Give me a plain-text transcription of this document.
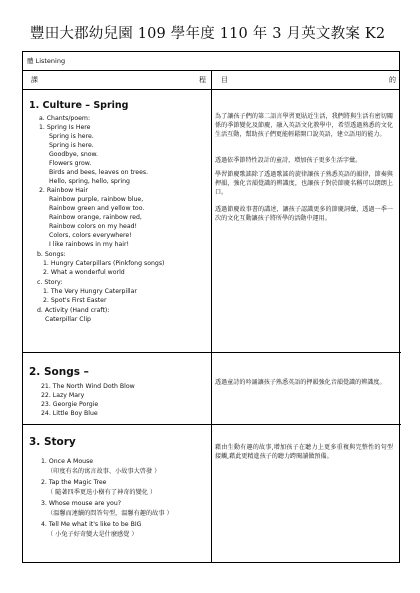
豐田大郡幼兒園 109 學年度 110 年 3 月英文教案 K2
體 Listening
課	程 目	的
1. Culture – Spring
a. Chants/poem:
1. Spring Is Here
Spring is here.
Spring is here.
Goodbye, snow.
Flowers grow.
Birds and bees, leaves on trees.
Hello, spring, hello, spring
2. Rainbow Hair
Rainbow purple, rainbow blue,
Rainbow green and yellow too.
Rainbow orange, rainbow red,
Rainbow colors on my head!
Colors, colors everywhere!
I like rainbows in my hair!
b. Songs:
1. Hungry Caterpillars (Pinkfong songs)
2. What a wonderful world
c. Story:
1. The Very Hungry Caterpillar
2. Spot's First Easter
d. Activity (Hand craft):
Caterpillar Clip
為了讓孩子們的第二語言學習更貼近生活，我們將與生活有密切關係的季節變化及節慶，融入英語文化教學中，希望透過熟悉的文化生活互動，幫助孩子們更能輕鬆開口說英語，建立語用的能力。
透過依季節特性設計的童詩，增加孩子更多生活字彙。
學習節慶歌謠除了透過歌謠的旋律讓孩子熟悉英語的韻律，節奏與押韻，強化音韻覺識的辨識度，也讓孩子對於節慶名稱可以朗朗上口。
透過節慶故事書的講述，讓孩子認識更多的節慶詞彙，透過一季一次的文化互動讓孩子將所學的活動中運用。
2. Songs –
21. The North Wind Doth Blow
22. Lazy Mary
23. Georgie Porgie
24. Little Boy Blue
透過童詩的吟誦讓孩子熟悉英語的押韻強化音韻覺識的辨識度。
3. Story
1. Once A Mouse
（印度有名的寓言故事、小故事大啓發 ）
2. Tap the Magic Tree
（ 隨著四季更迭小樹有了神奇的變化 ）
3. Whose mouse are you?
（溫馨而連續的問答句型，溫馨有趣的故事 ）
4. Tell Me what it's like to be BIG
（ 小兔子好奇變大是什麼感覺 ）
藉由生動有趣的故事,增加孩子在聽力上更多重複與完整性的句型接觸,藉此更精進孩子的聽力跨閱讀做預備。
